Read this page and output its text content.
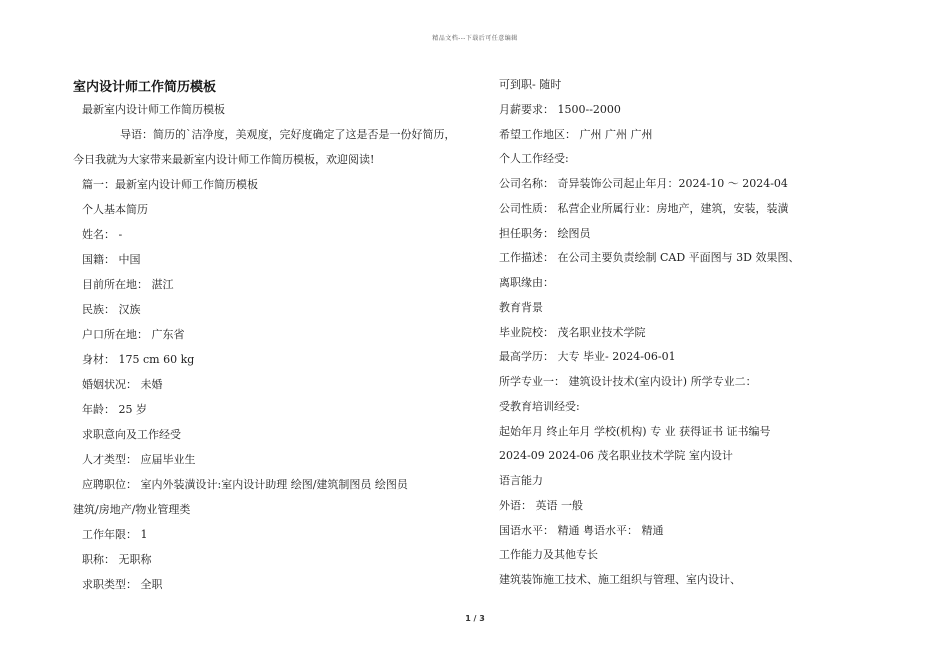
精品文档---下载后可任意编辑
室内设计师工作简历模板
最新室内设计师工作简历模板
导语：简历的`洁净度，美观度，完好度确定了这是否是一份好简历，
今日我就为大家带来最新室内设计师工作简历模板，欢迎阅读!
篇一：最新室内设计师工作简历模板
个人基本简历
姓名： -
国籍： 中国
目前所在地： 湛江
民族： 汉族
户口所在地： 广东省
身材： 175 cm 60 kg
婚姻状况： 未婚
年龄： 25 岁
求职意向及工作经受
人才类型： 应届毕业生
应聘职位： 室内外装潢设计:室内设计助理 绘图/建筑制图员 绘图员
建筑/房地产/物业管理类
工作年限： 1
职称： 无职称
求职类型： 全职
可到职- 随时
月薪要求： 1500--2000
希望工作地区： 广州 广州 广州
个人工作经受:
公司名称： 奇异装饰公司起止年月：2024-10 ～ 2024-04
公司性质： 私营企业所属行业：房地产，建筑，安装，装潢
担任职务： 绘图员
工作描述： 在公司主要负责绘制 CAD 平面图与 3D 效果图、
离职缘由：
教育背景
毕业院校： 茂名职业技术学院
最高学历： 大专 毕业- 2024-06-01
所学专业一： 建筑设计技术(室内设计) 所学专业二：
受教育培训经受:
起始年月 终止年月 学校(机构) 专 业 获得证书 证书编号
2024-09 2024-06 茂名职业技术学院 室内设计
语言能力
外语： 英语 一般
国语水平： 精通 粤语水平： 精通
工作能力及其他专长
建筑装饰施工技术、施工组织与管理、室内设计、
1 / 3
